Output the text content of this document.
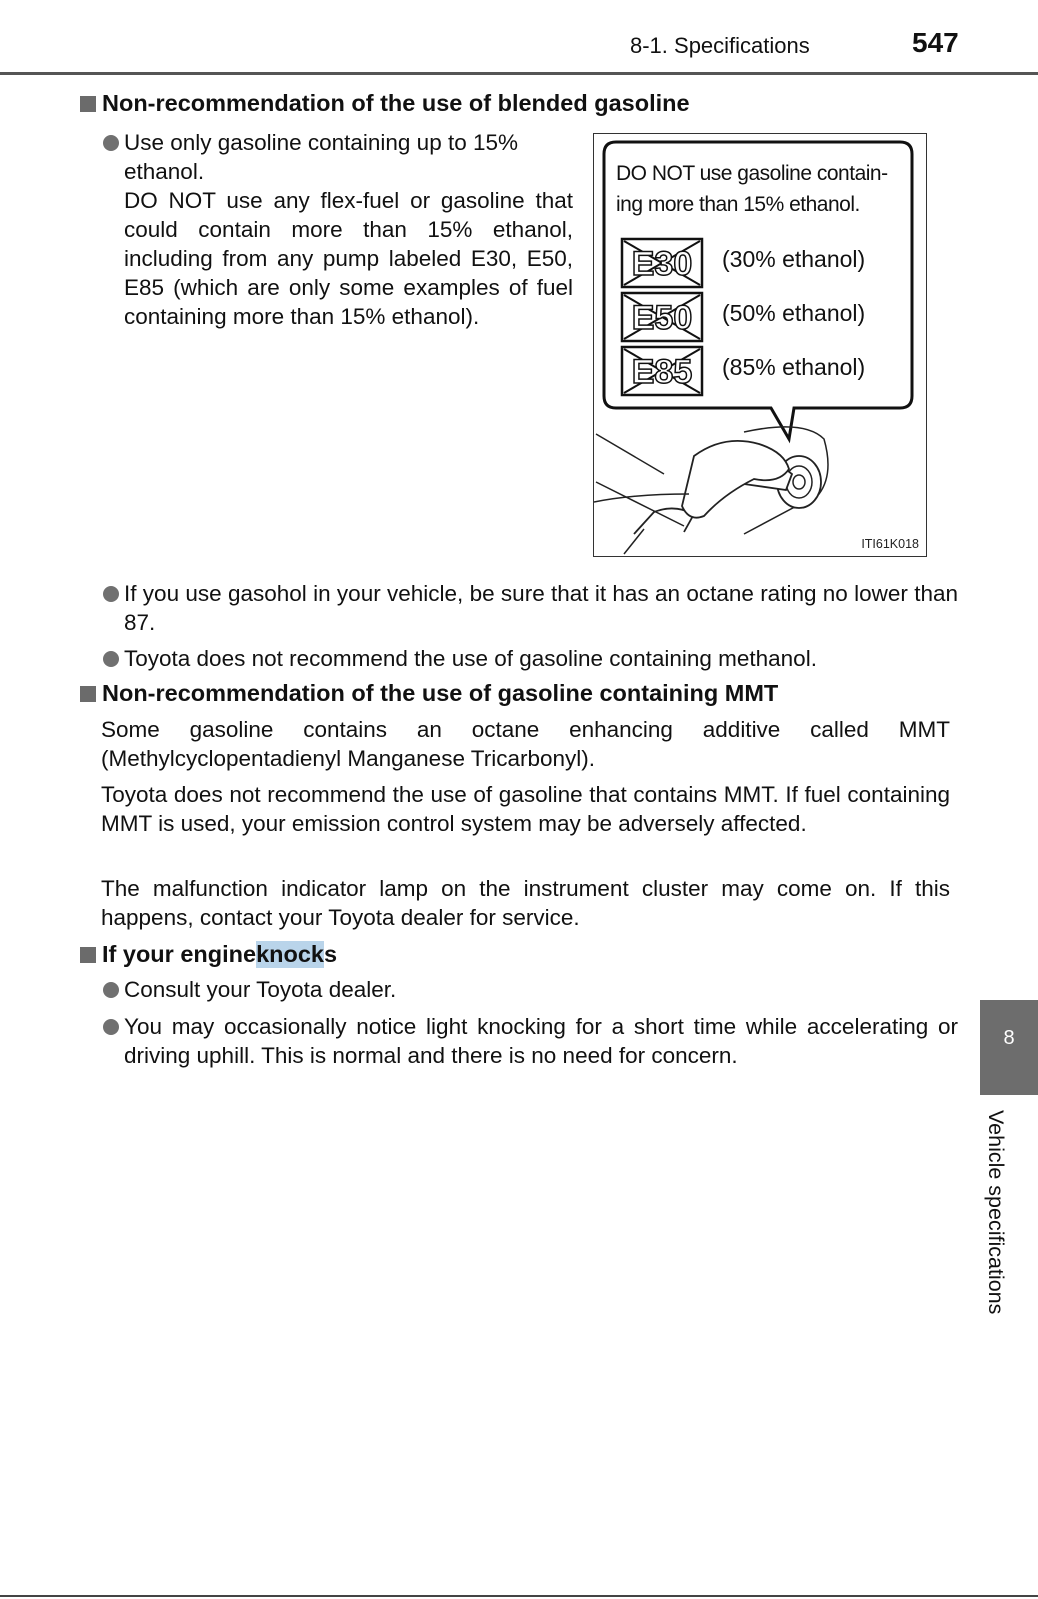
8-1. Specifications	547
Non-recommendation of the use of blended gasoline
Use only gasoline containing up to 15%
ethanol.
DO NOT use any flex-fuel or gasoline that could contain more than 15% ethanol, including from any pump labeled E30, E50, E85 (which are only some examples of fuel containing more than 15% ethanol).
E30
E50
E85
DO NOT use gasoline contain-
ing more than 15% ethanol.
(30% ethanol)
(50% ethanol)
(85% ethanol)
ITI61K018
If you use gasohol in your vehicle, be sure that it has an octane rating no lower than 87.
Toyota does not recommend the use of gasoline containing methanol.
Non-recommendation of the use of gasoline containing MMT
Some gasoline contains an octane enhancing additive called MMT (Methylcyclopentadienyl Manganese Tricarbonyl).
Toyota does not recommend the use of gasoline that contains MMT. If fuel containing MMT is used, your emission control system may be adversely affected.
The malfunction indicator lamp on the instrument cluster may come on. If this happens, contact your Toyota dealer for service.
If your engine knock s
Consult your Toyota dealer.
You may occasionally notice light knocking for a short time while accelerating or driving uphill. This is normal and there is no need for concern.
8
Vehicle specifications
